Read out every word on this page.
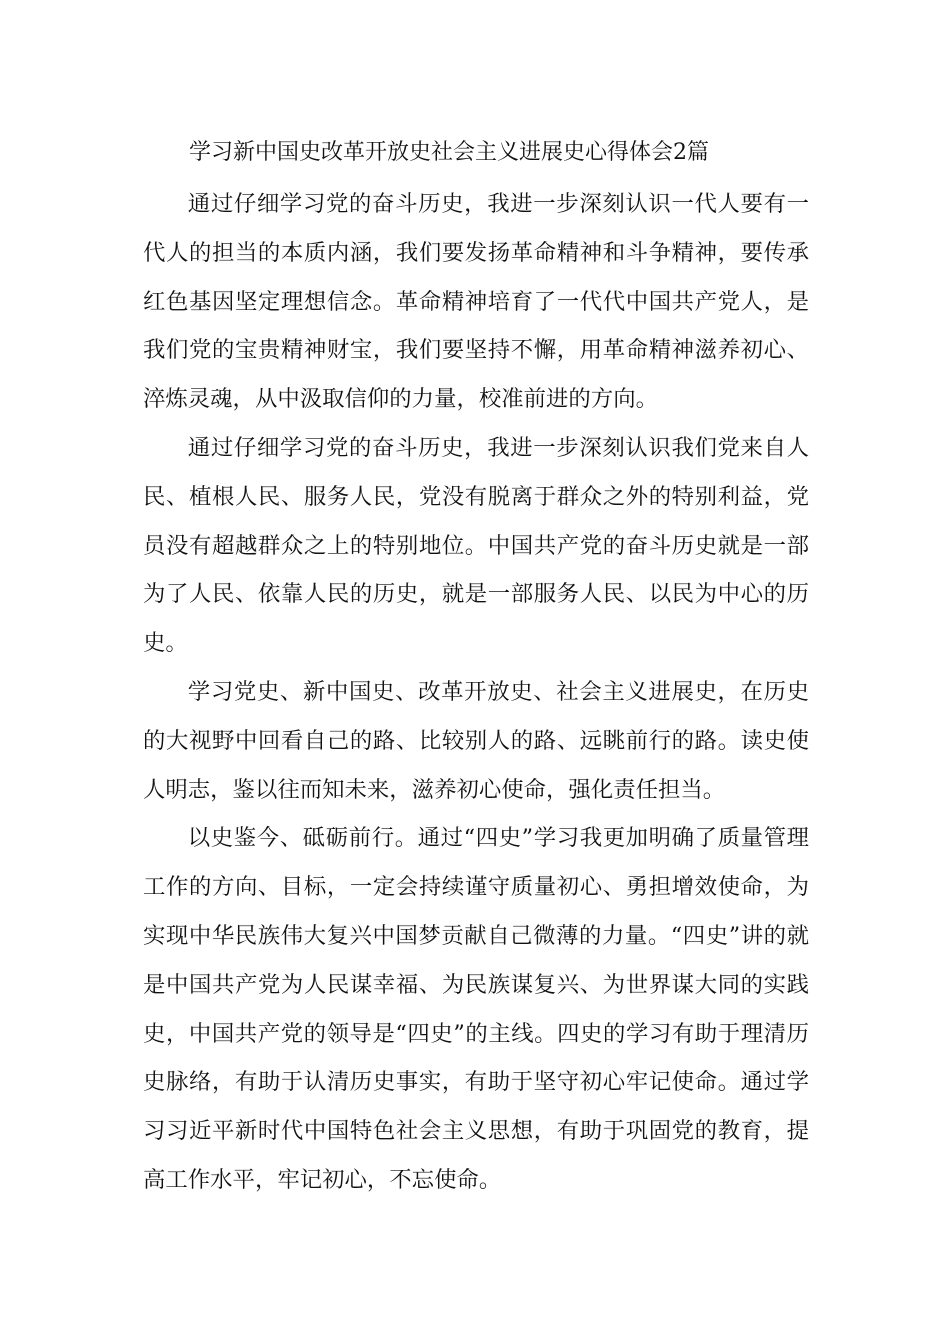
学习新中国史改革开放史社会主义进展史心得体会2篇

通过仔细学习党的奋斗历史，我进一步深刻认识一代人要有一代人的担当的本质内涵，我们要发扬革命精神和斗争精神，要传承红色基因坚定理想信念。革命精神培育了一代代中国共产党人，是我们党的宝贵精神财宝，我们要坚持不懈，用革命精神滋养初心、淬炼灵魂，从中汲取信仰的力量，校准前进的方向。

通过仔细学习党的奋斗历史，我进一步深刻认识我们党来自人民、植根人民、服务人民，党没有脱离于群众之外的特别利益，党员没有超越群众之上的特别地位。中国共产党的奋斗历史就是一部为了人民、依靠人民的历史，就是一部服务人民、以民为中心的历史。

学习党史、新中国史、改革开放史、社会主义进展史，在历史的大视野中回看自己的路、比较别人的路、远眺前行的路。读史使人明志，鉴以往而知未来，滋养初心使命，强化责任担当。

以史鉴今、砥砺前行。通过“四史”学习我更加明确了质量管理工作的方向、目标，一定会持续谨守质量初心、勇担增效使命，为实现中华民族伟大复兴中国梦贡献自己微薄的力量。“四史”讲的就是中国共产党为人民谋幸福、为民族谋复兴、为世界谋大同的实践史，中国共产党的领导是“四史”的主线。四史的学习有助于理清历史脉络，有助于认清历史事实，有助于坚守初心牢记使命。通过学习习近平新时代中国特色社会主义思想，有助于巩固党的教育，提高工作水平，牢记初心，不忘使命。
